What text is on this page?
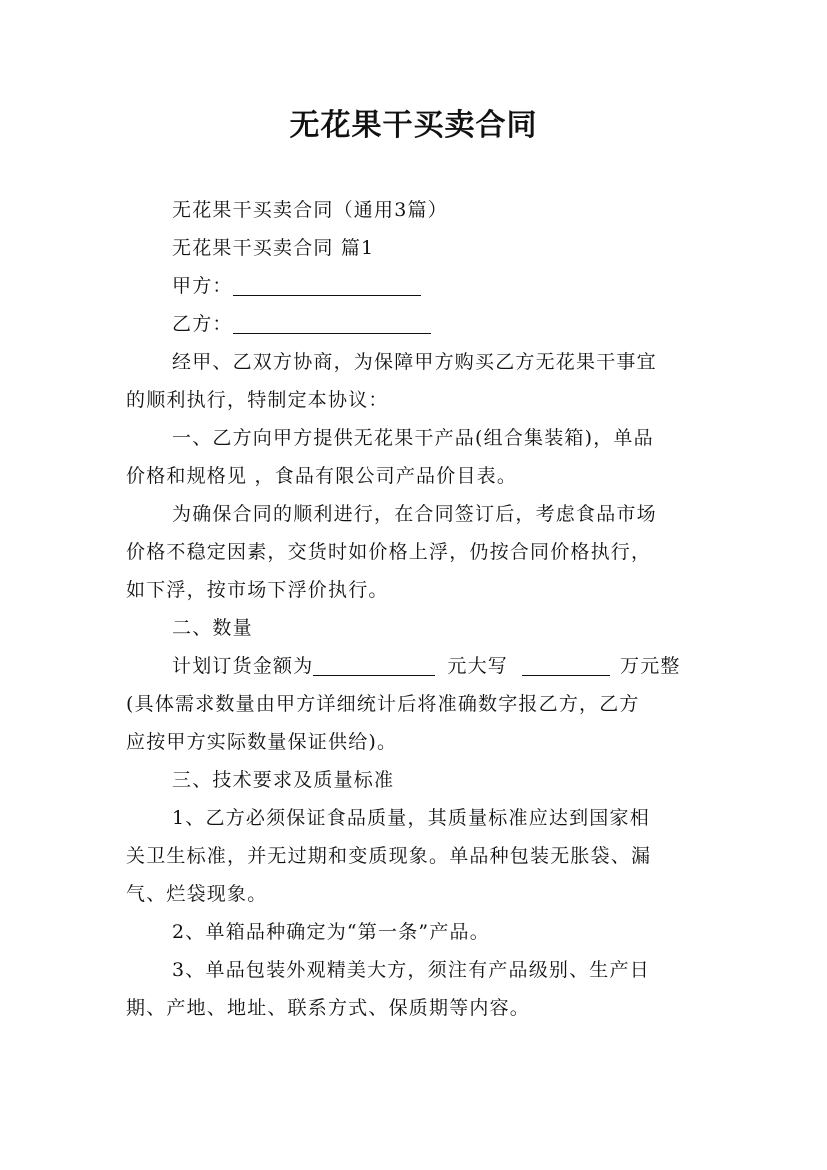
无花果干买卖合同
无花果干买卖合同（通用3篇）
无花果干买卖合同 篇1
甲方：
乙方：
经甲、乙双方协商，为保障甲方购买乙方无花果干事宜
的顺利执行，特制定本协议：
一、乙方向甲方提供无花果干产品(组合集装箱)，单品
价格和规格见 ，食品有限公司产品价目表。
为确保合同的顺利进行，在合同签订后，考虑食品市场
价格不稳定因素，交货时如价格上浮，仍按合同价格执行，
如下浮，按市场下浮价执行。
二、数量
计划订货金额为	元大写	万元整
(具体需求数量由甲方详细统计后将准确数字报乙方，乙方
应按甲方实际数量保证供给)。
三、技术要求及质量标准
1、乙方必须保证食品质量，其质量标准应达到国家相
关卫生标准，并无过期和变质现象。单品种包装无胀袋、漏
气、烂袋现象。
2、单箱品种确定为“第一条”产品。
3、单品包装外观精美大方，须注有产品级别、生产日
期、产地、地址、联系方式、保质期等内容。
